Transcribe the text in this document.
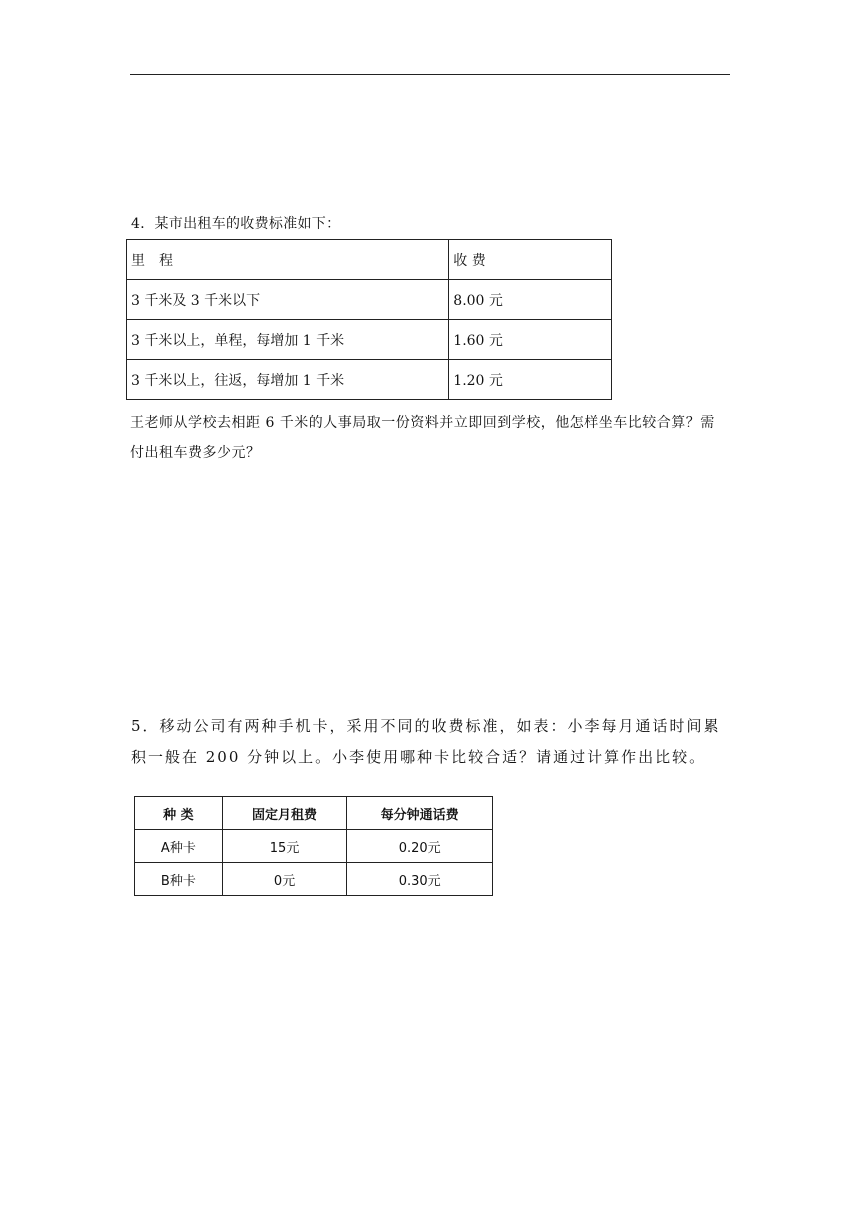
4．某市出租车的收费标准如下：
里　程	收 费
3 千米及 3 千米以下	8.00 元
3 千米以上，单程，每增加 1 千米	1.60 元
3 千米以上，往返，每增加 1 千米	1.20 元
王老师从学校去相距 6 千米的人事局取一份资料并立即回到学校，他怎样坐车比较合算？需
付出租车费多少元？
5．移动公司有两种手机卡，采用不同的收费标准，如表：小李每月通话时间累
积一般在 200 分钟以上。小李使用哪种卡比较合适？请通过计算作出比较。
种 类	固定月租费	每分钟通话费
A种卡	15元	0.20元
B种卡	0元	0.30元
